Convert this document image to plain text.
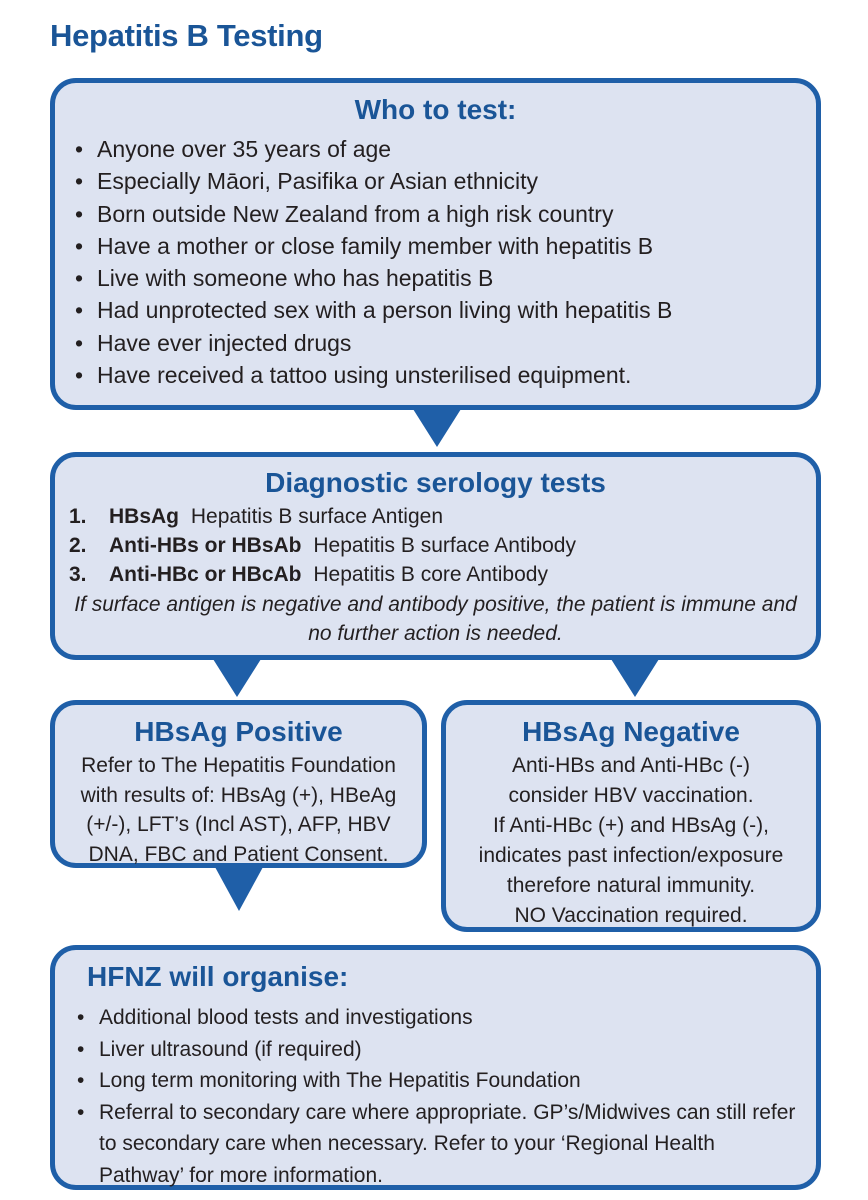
Hepatitis B Testing
Who to test:
• Anyone over 35 years of age
• Especially Māori, Pasifika or Asian ethnicity
• Born outside New Zealand from a high risk country
• Have a mother or close family member with hepatitis B
• Live with someone who has hepatitis B
• Had unprotected sex with a person living with hepatitis B
• Have ever injected drugs
• Have received a tattoo using unsterilised equipment.
Diagnostic serology tests
1. HBsAg Hepatitis B surface Antigen
2. Anti-HBs or HBsAb Hepatitis B surface Antibody
3. Anti-HBc or HBcAb Hepatitis B core Antibody
If surface antigen is negative and antibody positive, the patient is immune and no further action is needed.
HBsAg Positive
Refer to The Hepatitis Foundation with results of: HBsAg (+), HBeAg (+/-), LFT’s (Incl AST), AFP, HBV DNA, FBC and Patient Consent.
HBsAg Negative
Anti-HBs and Anti-HBc (-)
consider HBV vaccination.
If Anti-HBc (+) and HBsAg (-),
indicates past infection/exposure
therefore natural immunity.
NO Vaccination required.
HFNZ will organise:
• Additional blood tests and investigations
• Liver ultrasound (if required)
• Long term monitoring with The Hepatitis Foundation
• Referral to secondary care where appropriate. GP’s/Midwives can still refer to secondary care when necessary. Refer to your ‘Regional Health Pathway’ for more information.
